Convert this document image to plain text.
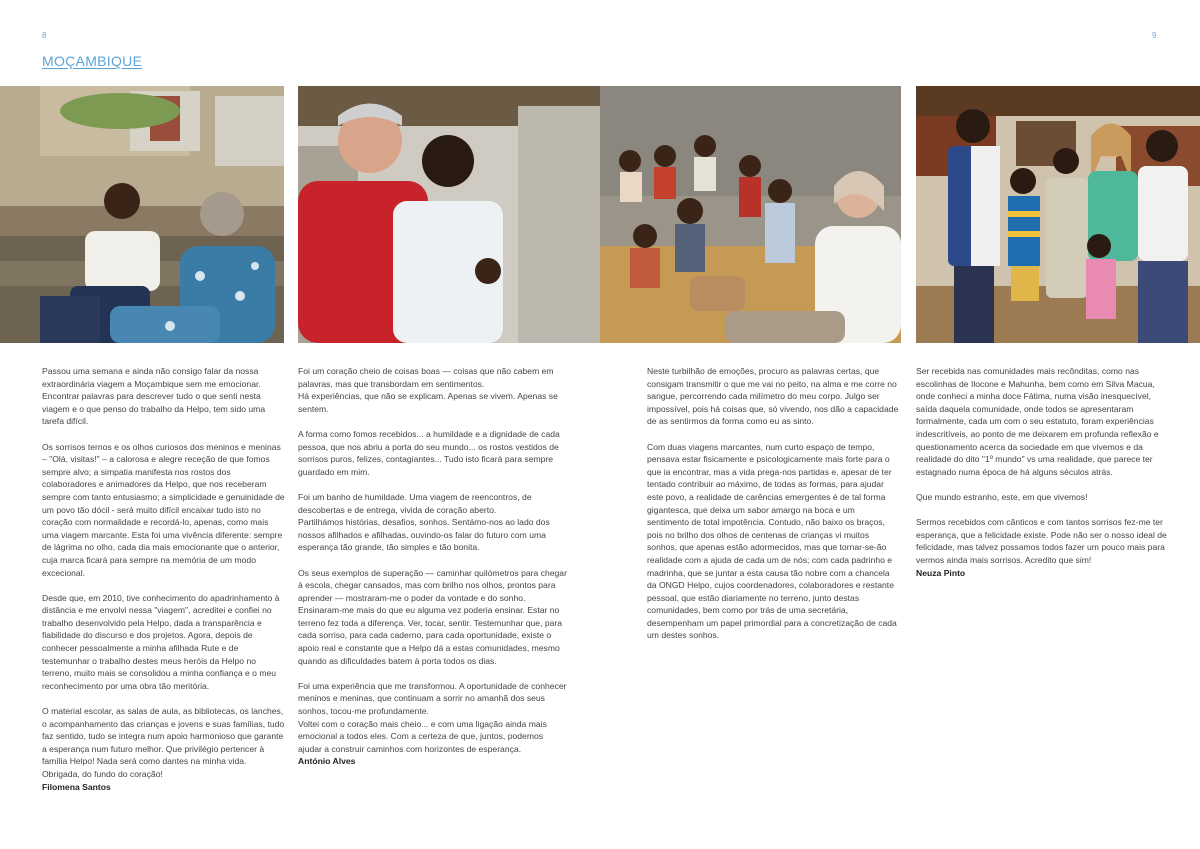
8	9
MOÇAMBIQUE

Passou uma semana e ainda não consigo falar da nossa extraordinária viagem a Moçambique sem me emocionar. Encontrar palavras para descrever tudo o que senti nesta viagem e o que penso do trabalho da Helpo, tem sido uma tarefa difícil.

Os sorrisos ternos e os olhos curiosos dos meninos e meninas – "Olá, visitas!" – a calorosa e alegre receção de que fomos sempre alvo; a simpatia manifesta nos rostos dos colaboradores e animadores da Helpo, que nos receberam sempre com tanto entusiasmo; a simplicidade e genuinidade de um povo tão dócil - será muito difícil encaixar tudo isto no coração com normalidade e recordá-lo, apenas, como mais uma viagem marcante. Esta foi uma vivência diferente: sempre de lágrima no olho, cada dia mais emocionante que o anterior, cuja marca ficará para sempre na memória de um modo excecional.

Desde que, em 2010, tive conhecimento do apadrinhamento à distância e me envolvi nessa "viagem", acreditei e confiei no trabalho desenvolvido pela Helpo, dada a transparência e fiabilidade do discurso e dos projetos. Agora, depois de conhecer pessoalmente a minha afilhada Rute e de testemunhar o trabalho destes meus heróis da Helpo no terreno, muito mais se consolidou a minha confiança e o meu reconhecimento por uma obra tão meritória.

O material escolar, as salas de aula, as bibliotecas, os lanches, o acompanhamento das crianças e jovens e suas famílias, tudo faz sentido, tudo se integra num apoio harmonioso que garante a esperança num futuro melhor. Que privilégio pertencer à família Helpo! Nada será como dantes na minha vida. Obrigada, do fundo do coração!

Filomena Santos

Foi um coração cheio de coisas boas — coisas que não cabem em palavras, mas que transbordam em sentimentos.
Há experiências, que não se explicam. Apenas se vivem. Apenas se sentem.

A forma como fomos recebidos... a humildade e a dignidade de cada pessoa, que nos abriu a porta do seu mundo... os rostos vestidos de sorrisos puros, felizes, contagiantes... Tudo isto ficará para sempre guardado em mim.

Foi um banho de humildade. Uma viagem de reencontros, de descobertas e de entrega, vivida de coração aberto.
Partilhámos histórias, desafios, sonhos. Sentámo-nos ao lado dos nossos afilhados e afilhadas, ouvindo-os falar do futuro com uma esperança tão grande, tão simples e tão bonita.

Os seus exemplos de superação — caminhar quilómetros para chegar à escola, chegar cansados, mas com brilho nos olhos, prontos para aprender — mostraram-me o poder da vontade e do sonho. Ensinaram-me mais do que eu alguma vez poderia ensinar. Estar no terreno fez toda a diferença. Ver, tocar, sentir. Testemunhar que, para cada sorriso, para cada caderno, para cada oportunidade, existe o apoio real e constante que a Helpo dá a estas comunidades, mesmo quando as dificuldades batem à porta todos os dias.

Foi uma experiência que me transformou. A oportunidade de conhecer meninos e meninas, que continuam a sorrir no amanhã dos seus sonhos, tocou-me profundamente.
Voltei com o coração mais cheio... e com uma ligação ainda mais emocional a todos eles. Com a certeza de que, juntos, podemos ajudar a construir caminhos com horizontes de esperança.

António Alves

Neste turbilhão de emoções, procuro as palavras certas, que consigam transmitir o que me vai no peito, na alma e me corre no sangue, percorrendo cada milímetro do meu corpo. Julgo ser impossível, pois há coisas que, só vivendo, nos dão a capacidade de as sentirmos da forma como eu as sinto.

Com duas viagens marcantes, num curto espaço de tempo, pensava estar fisicamente e psicologicamente mais forte para o que ia encontrar, mas a vida prega-nos partidas e, apesar de ter tentado contribuir ao máximo, de todas as formas, para ajudar este povo, a realidade de carências emergentes é de tal forma gigantesca, que deixa um sabor amargo na boca e um sentimento de total impotência. Contudo, não baixo os braços, pois no brilho dos olhos de centenas de crianças vi muitos sonhos, que apenas estão adormecidos, mas que tornar-se-ão realidade com a ajuda de cada um de nós; com cada padrinho e madrinha, que se juntar a esta causa tão nobre com a chancela da ONGD Helpo, cujos coordenadores, colaboradores e restante pessoal, que estão diariamente no terreno, junto destas comunidades, bem como por trás de uma secretária, desempenham um papel primordial para a concretização de cada um destes sonhos.

Ser recebida nas comunidades mais recônditas, como nas escolinhas de Ilocone e Mahunha, bem como em Silva Macua, onde conheci a minha doce Fátima, numa visão inesquecível, saída daquela comunidade, onde todos se apresentaram formalmente, cada um com o seu estatuto, foram experiências indescritíveis, ao ponto de me deixarem em profunda reflexão e questionamento acerca da sociedade em que vivemos e da realidade do dito "1º mundo" vs uma realidade, que parece ter estagnado numa época de há alguns séculos atrás.

Que mundo estranho, este, em que vivemos!

Sermos recebidos com cânticos e com tantos sorrisos fez-me ter esperança, que a felicidade existe. Pode não ser o nosso ideal de felicidade, mas talvez possamos todos fazer um pouco mais para vermos ainda mais sorrisos. Acredito que sim!

Neuza Pinto
